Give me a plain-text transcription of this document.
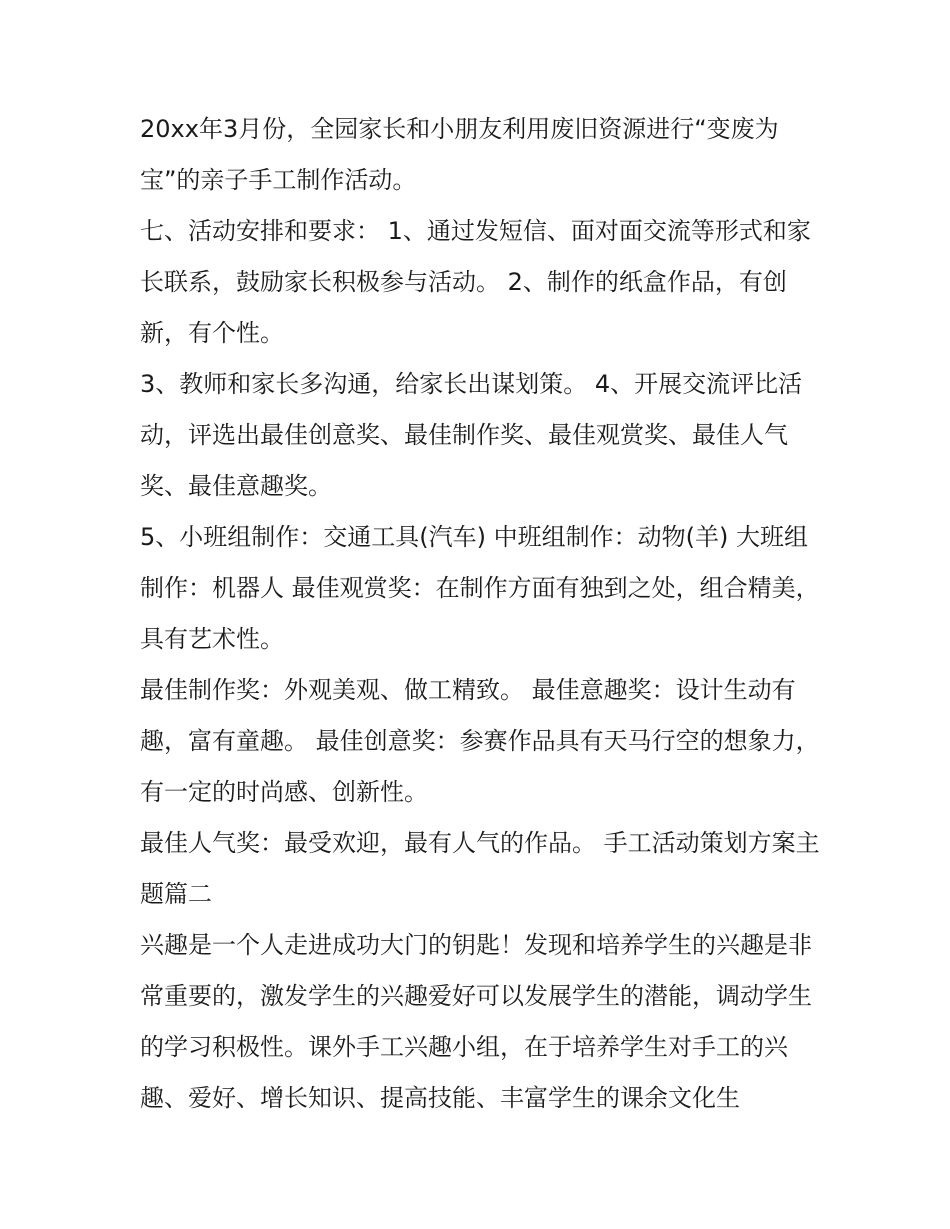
20xx年3月份，全园家长和小朋友利用废旧资源进行“变废为宝”的亲子手工制作活动。

七、活动安排和要求： 1、通过发短信、面对面交流等形式和家长联系，鼓励家长积极参与活动。 2、制作的纸盒作品，有创新，有个性。

3、教师和家长多沟通，给家长出谋划策。 4、开展交流评比活动，评选出最佳创意奖、最佳制作奖、最佳观赏奖、最佳人气奖、最佳意趣奖。

5、小班组制作：交通工具(汽车) 中班组制作：动物(羊) 大班组制作：机器人 最佳观赏奖：在制作方面有独到之处，组合精美，具有艺术性。

最佳制作奖：外观美观、做工精致。 最佳意趣奖：设计生动有趣，富有童趣。 最佳创意奖：参赛作品具有天马行空的想象力，有一定的时尚感、创新性。

最佳人气奖：最受欢迎，最有人气的作品。 手工活动策划方案主题篇二

兴趣是一个人走进成功大门的钥匙！发现和培养学生的兴趣是非常重要的，激发学生的兴趣爱好可以发展学生的潜能，调动学生的学习积极性。课外手工兴趣小组，在于培养学生对手工的兴趣、爱好、增长知识、提高技能、丰富学生的课余文化生
